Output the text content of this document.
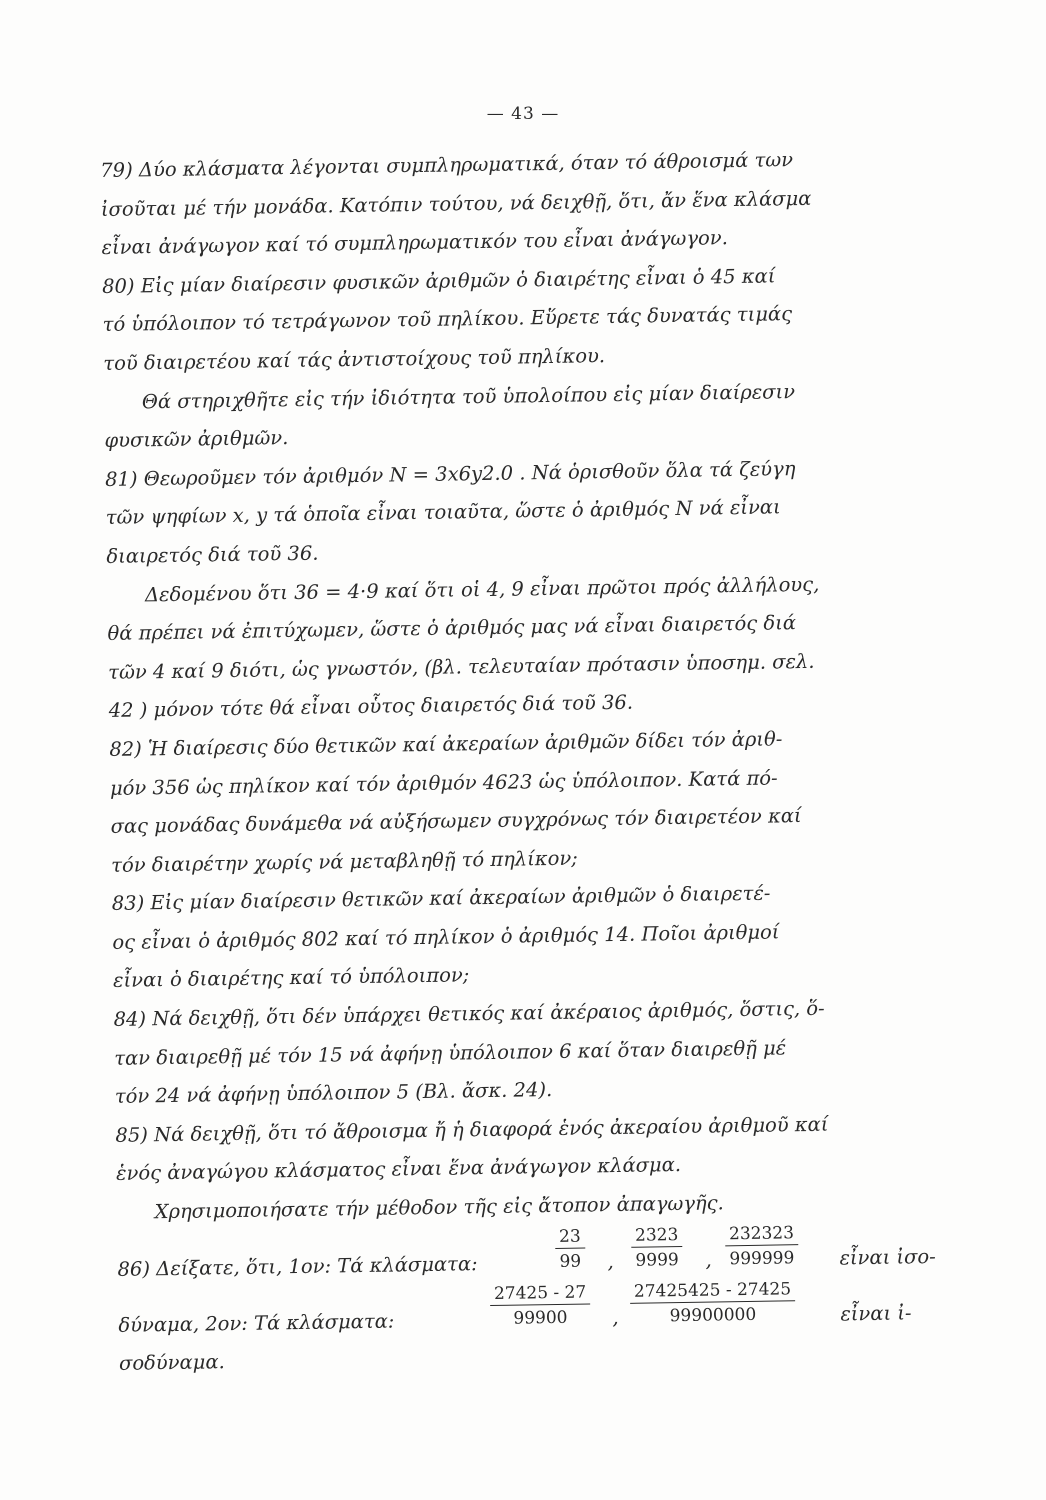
— 43 —
79) Δύο κλάσματα λέγονται συμπληρωματικά, όταν τό άθροισμά των
ἰσοῦται μέ τήν μονάδα. Κατόπιν τούτου, νά δειχθῇ, ὅτι, ἄν ἕνα κλάσμα
εἶναι ἀνάγωγον καί τό συμπληρωματικόν του εἶναι ἀνάγωγον.
80) Εἰς μίαν διαίρεσιν φυσικῶν ἀριθμῶν ὁ διαιρέτης εἶναι ὁ 45 καί
τό ὑπόλοιπον τό τετράγωνον τοῦ πηλίκου. Εὕρετε τάς δυνατάς τιμάς
τοῦ διαιρετέου καί τάς ἀντιστοίχους τοῦ πηλίκου.
Θά στηριχθῆτε εἰς τήν ἰδιότητα τοῦ ὑπολοίπου εἰς μίαν διαίρεσιν
φυσικῶν ἀριθμῶν.
81) Θεωροῦμεν τόν ἀριθμόν N = 3x6y2.0 . Νά ὁρισθοῦν ὅλα τά ζεύγη
τῶν ψηφίων x, y τά ὁποῖα εἶναι τοιαῦτα, ὥστε ὁ ἀριθμός N νά εἶναι
διαιρετός διά τοῦ 36.
Δεδομένου ὅτι 36 = 4·9 καί ὅτι οἱ 4, 9 εἶναι πρῶτοι πρός ἀλλήλους,
θά πρέπει νά ἐπιτύχωμεν, ὥστε ὁ ἀριθμός μας νά εἶναι διαιρετός διά
τῶν 4 καί 9 διότι, ὡς γνωστόν, (βλ. τελευταίαν πρότασιν ὑποσημ. σελ.
42 ) μόνον τότε θά εἶναι οὗτος διαιρετός διά τοῦ 36.
82) Ἡ διαίρεσις δύο θετικῶν καί ἀκεραίων ἀριθμῶν δίδει τόν ἀριθ-
μόν 356 ὡς πηλίκον καί τόν ἀριθμόν 4623 ὡς ὑπόλοιπον. Κατά πό-
σας μονάδας δυνάμεθα νά αὐξήσωμεν συγχρόνως τόν διαιρετέον καί
τόν διαιρέτην χωρίς νά μεταβληθῇ τό πηλίκον;
83) Εἰς μίαν διαίρεσιν θετικῶν καί ἀκεραίων ἀριθμῶν ὁ διαιρετέ-
ος εἶναι ὁ ἀριθμός 802 καί τό πηλίκον ὁ ἀριθμός 14. Ποῖοι ἀριθμοί
εἶναι ὁ διαιρέτης καί τό ὑπόλοιπον;
84) Νά δειχθῇ, ὅτι δέν ὑπάρχει θετικός καί ἀκέραιος ἀριθμός, ὅστις, ὅ-
ταν διαιρεθῇ μέ τόν 15 νά ἀφήνῃ ὑπόλοιπον 6 καί ὅταν διαιρεθῇ μέ
τόν 24 νά ἀφήνῃ ὑπόλοιπον 5 (Βλ. ἄσκ. 24).
85) Νά δειχθῇ, ὅτι τό ἄθροισμα ἤ ἡ διαφορά ἑνός ἀκεραίου ἀριθμοῦ καί
ἑνός ἀναγώγου κλάσματος εἶναι ἕνα ἀνάγωγον κλάσμα.
Χρησιμοποιήσατε τήν μέθοδον τῆς εἰς ἄτοπον ἀπαγωγῆς.
86) Δείξατε, ὅτι, 1ον: Τά κλάσματα:	$\frac{23}{99}$ , $\frac{2323}{9999}$ , $\frac{232323}{999999}$ εἶναι ἰσο-
δύναμα, 2ον: Τά κλάσματα:	$\frac{27425 - 27}{99900}$ , $\frac{27425425 - 27425}{99900000}$ εἶναι ἰ-
σοδύναμα.
